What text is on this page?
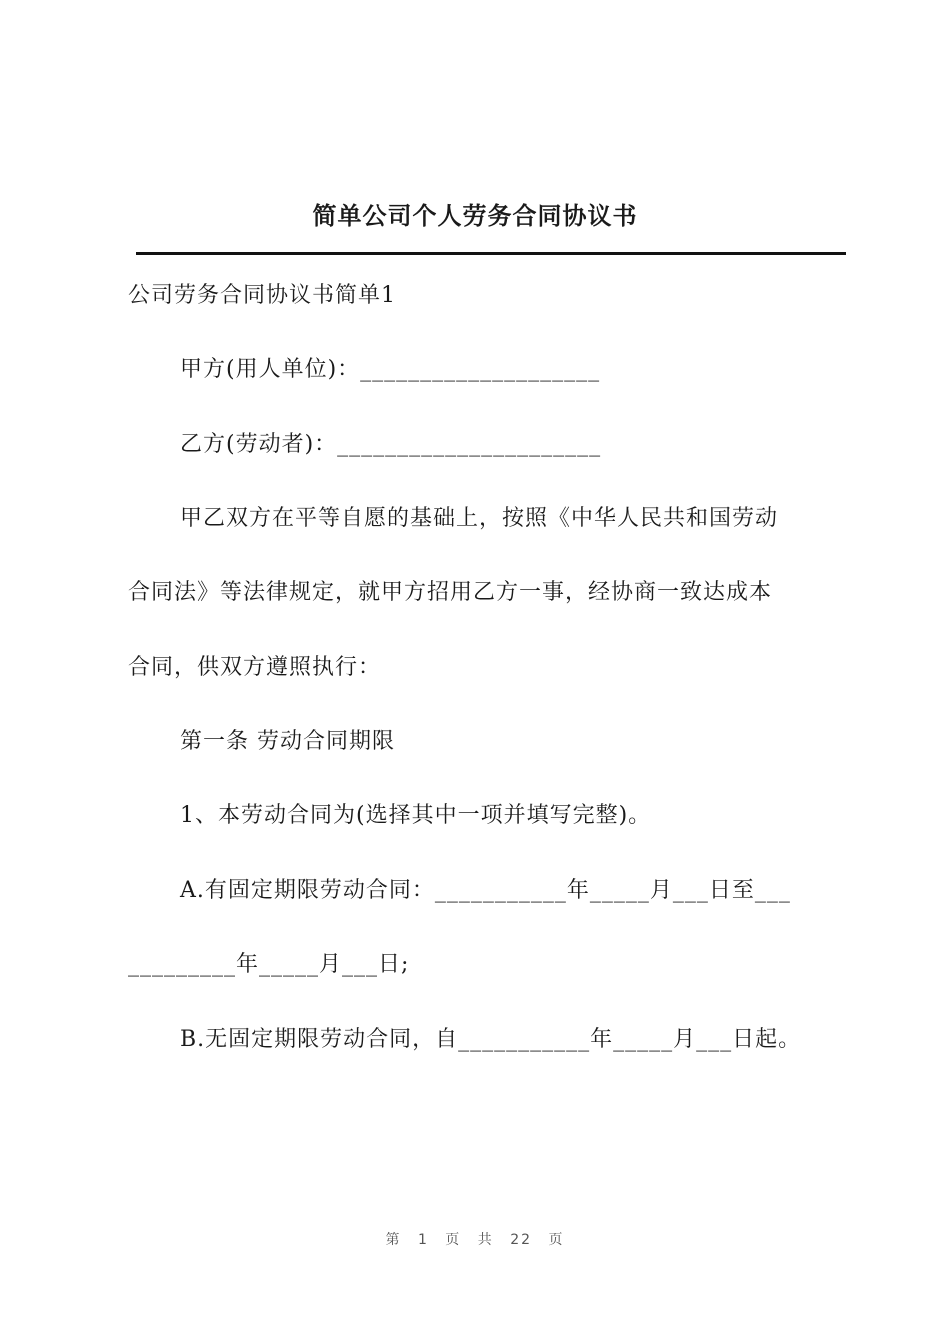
简单公司个人劳务合同协议书
公司劳务合同协议书简单1
甲方(用人单位)：____________________
乙方(劳动者)：______________________
甲乙双方在平等自愿的基础上，按照《中华人民共和国劳动
合同法》等法律规定，就甲方招用乙方一事，经协商一致达成本
合同，供双方遵照执行：
第一条 劳动合同期限
1、本劳动合同为(选择其中一项并填写完整)。
A.有固定期限劳动合同：___________年_____月___日至___
_________年_____月___日;
B.无固定期限劳动合同，自___________年_____月___日起。
第 1 页 共 22 页
